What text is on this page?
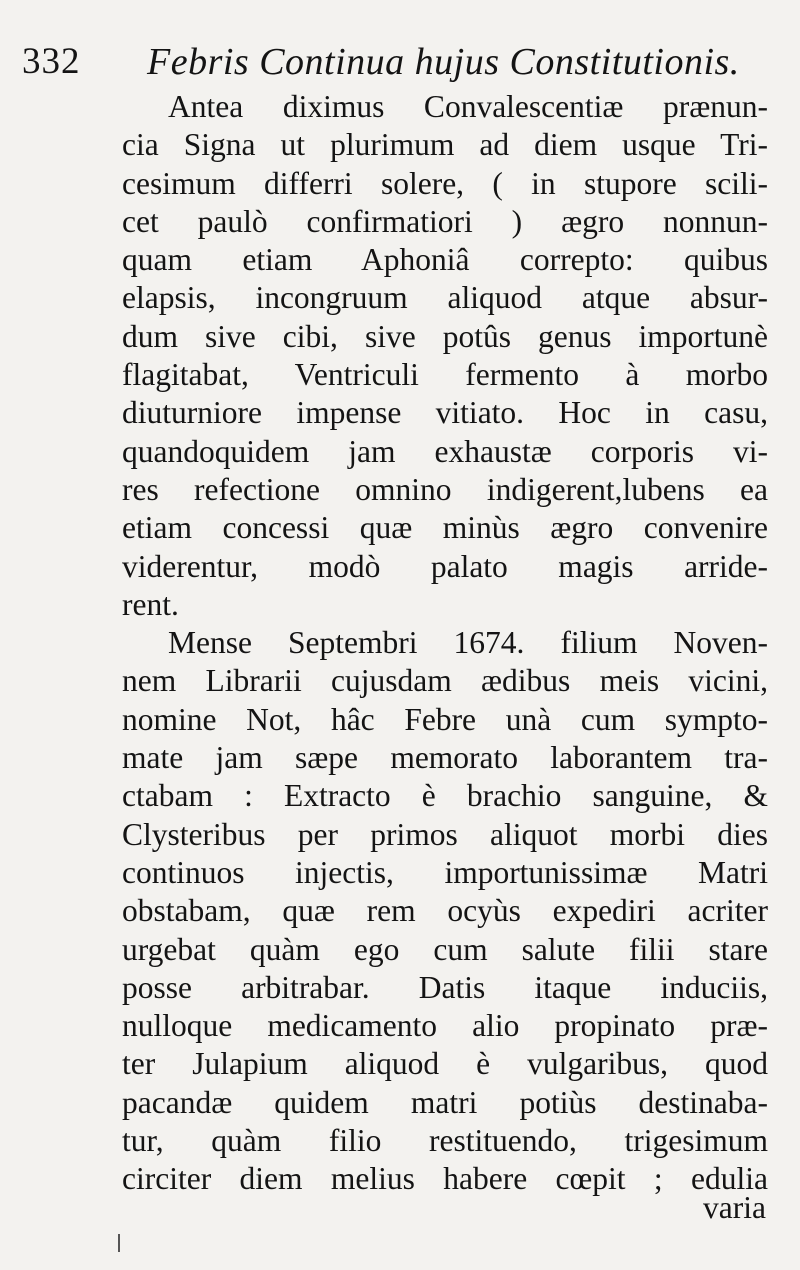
332 Febris Continua hujus Constitutionis.
Antea diximus Convalescentiæ prænun-
cia Signa ut plurimum ad diem usque Tri-
cesimum differri solere, ( in stupore scili-
cet paulò confirmatiori ) ægro nonnun-
quam etiam Aphoniâ correpto: quibus
elapsis, incongruum aliquod atque absur-
dum sive cibi, sive potûs genus importunè
flagitabat, Ventriculi fermento à morbo
diuturniore impense vitiato. Hoc in casu,
quandoquidem jam exhaustæ corporis vi-
res refectione omnino indigerent,lubens ea
etiam concessi quæ minùs ægro convenire
viderentur, modò palato magis arride-
rent.
Mense Septembri 1674. filium Noven-
nem Librarii cujusdam ædibus meis vicini,
nomine Not, hâc Febre unà cum sympto-
mate jam sæpe memorato laborantem tra-
ctabam : Extracto è brachio sanguine, &
Clysteribus per primos aliquot morbi dies
continuos injectis, importunissimæ Matri
obstabam, quæ rem ocyùs expediri acriter
urgebat quàm ego cum salute filii stare
posse arbitrabar. Datis itaque induciis,
nulloque medicamento alio propinato præ-
ter Julapium aliquod è vulgaribus, quod
pacandæ quidem matri potiùs destinaba-
tur, quàm filio restituendo, trigesimum
circiter diem melius habere cœpit ; edulia
varia
